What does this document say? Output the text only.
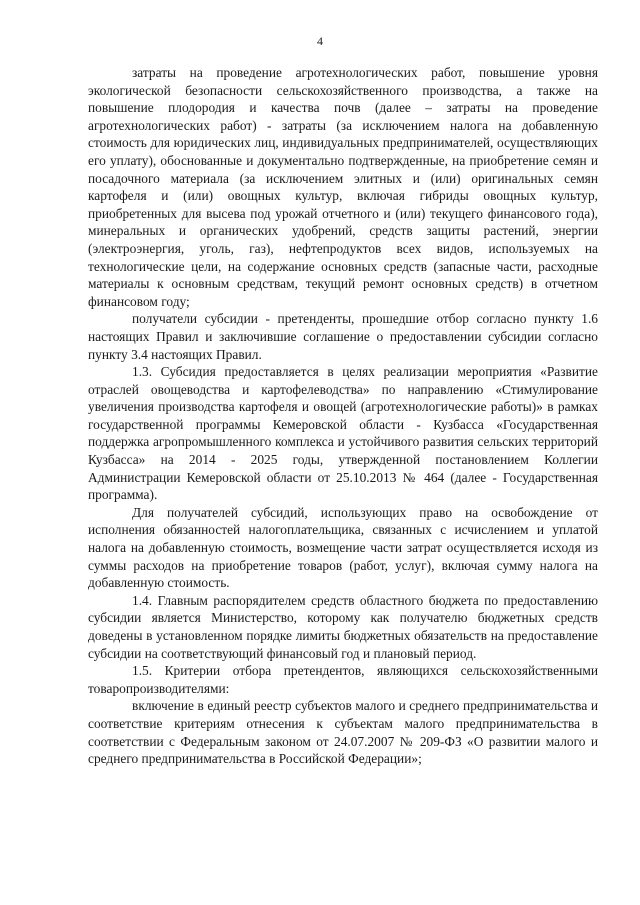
4

затраты на проведение агротехнологических работ, повышение уровня экологической безопасности сельскохозяйственного производства, а также на повышение плодородия и качества почв (далее – затраты на проведение агротехнологических работ) - затраты (за исключением налога на добавленную стоимость для юридических лиц, индивидуальных предпринимателей, осуществляющих его уплату), обоснованные и документально подтвержденные, на приобретение семян и посадочного материала (за исключением элитных и (или) оригинальных семян картофеля и (или) овощных культур, включая гибриды овощных культур, приобретенных для высева под урожай отчетного и (или) текущего финансового года), минеральных и органических удобрений, средств защиты растений, энергии (электроэнергия, уголь, газ), нефтепродуктов всех видов, используемых на технологические цели, на содержание основных средств (запасные части, расходные материалы к основным средствам, текущий ремонт основных средств) в отчетном финансовом году;

получатели субсидии - претенденты, прошедшие отбор согласно пункту 1.6 настоящих Правил и заключившие соглашение о предоставлении субсидии согласно пункту 3.4 настоящих Правил.

1.3. Субсидия предоставляется в целях реализации мероприятия «Развитие отраслей овощеводства и картофелеводства» по направлению «Стимулирование увеличения производства картофеля и овощей (агротехнологические работы)» в рамках государственной программы Кемеровской области - Кузбасса «Государственная поддержка агропромышленного комплекса и устойчивого развития сельских территорий Кузбасса» на 2014 - 2025 годы, утвержденной постановлением Коллегии Администрации Кемеровской области от 25.10.2013 № 464 (далее - Государственная программа).

Для получателей субсидий, использующих право на освобождение от исполнения обязанностей налогоплательщика, связанных с исчислением и уплатой налога на добавленную стоимость, возмещение части затрат осуществляется исходя из суммы расходов на приобретение товаров (работ, услуг), включая сумму налога на добавленную стоимость.

1.4. Главным распорядителем средств областного бюджета по предоставлению субсидии является Министерство, которому как получателю бюджетных средств доведены в установленном порядке лимиты бюджетных обязательств на предоставление субсидии на соответствующий финансовый год и плановый период.

1.5. Критерии отбора претендентов, являющихся сельскохозяйственными товаропроизводителями:

включение в единый реестр субъектов малого и среднего предпринимательства и соответствие критериям отнесения к субъектам малого предпринимательства в соответствии с Федеральным законом от 24.07.2007 № 209-ФЗ «О развитии малого и среднего предпринимательства в Российской Федерации»;
